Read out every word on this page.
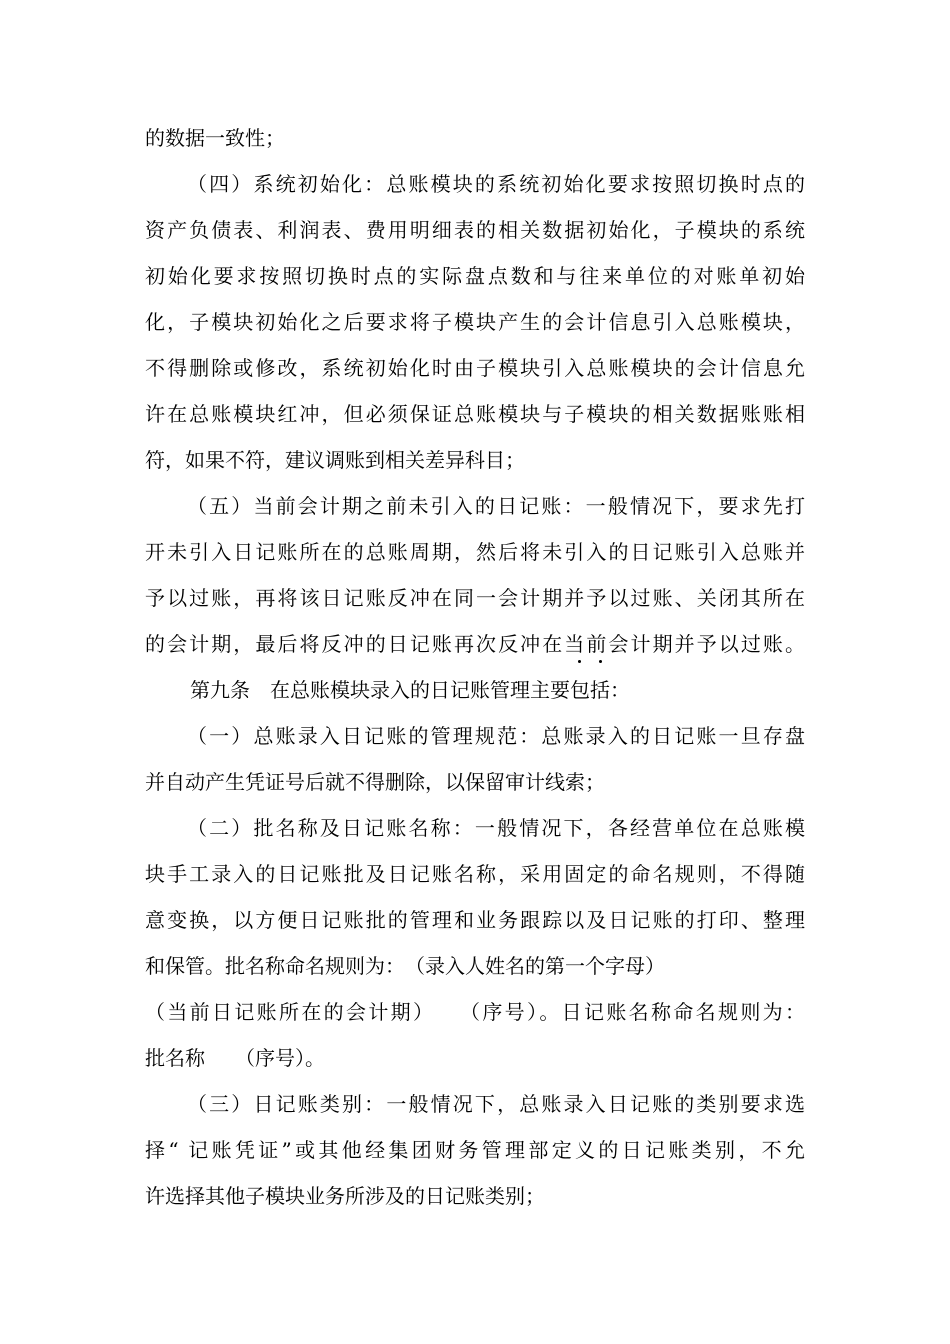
的数据一致性；
（四）系统初始化：总账模块的系统初始化要求按照切换时点的
资产负债表、利润表、费用明细表的相关数据初始化，子模块的系统
初始化要求按照切换时点的实际盘点数和与往来单位的对账单初始
化，子模块初始化之后要求将子模块产生的会计信息引入总账模块，
不得删除或修改，系统初始化时由子模块引入总账模块的会计信息允
许在总账模块红冲，但必须保证总账模块与子模块的相关数据账账相
符，如果不符，建议调账到相关差异科目；
（五）当前会计期之前未引入的日记账：一般情况下，要求先打
开未引入日记账所在的总账周期，然后将未引入的日记账引入总账并
予以过账，再将该日记账反冲在同一会计期并予以过账、关闭其所在
的会计期，最后将反冲的日记账再次反冲在当前会计期并予以过账。
第九条　在总账模块录入的日记账管理主要包括：
（一）总账录入日记账的管理规范：总账录入的日记账一旦存盘
并自动产生凭证号后就不得删除，以保留审计线索；
（二）批名称及日记账名称：一般情况下，各经营单位在总账模
块手工录入的日记账批及日记账名称，采用固定的命名规则，不得随
意变换，以方便日记账批的管理和业务跟踪以及日记账的打印、整理
和保管。批名称命名规则为：　（录入人姓名的第一个字母）
（当前日记账所在的会计期）　　（序号）。日记账名称命名规则为：
批名称　　（序号）。
（三）日记账类别：一般情况下，总账录入日记账的类别要求选
择“ 记账凭证”或其他经集团财务管理部定义的日记账类别，不允
许选择其他子模块业务所涉及的日记账类别；
